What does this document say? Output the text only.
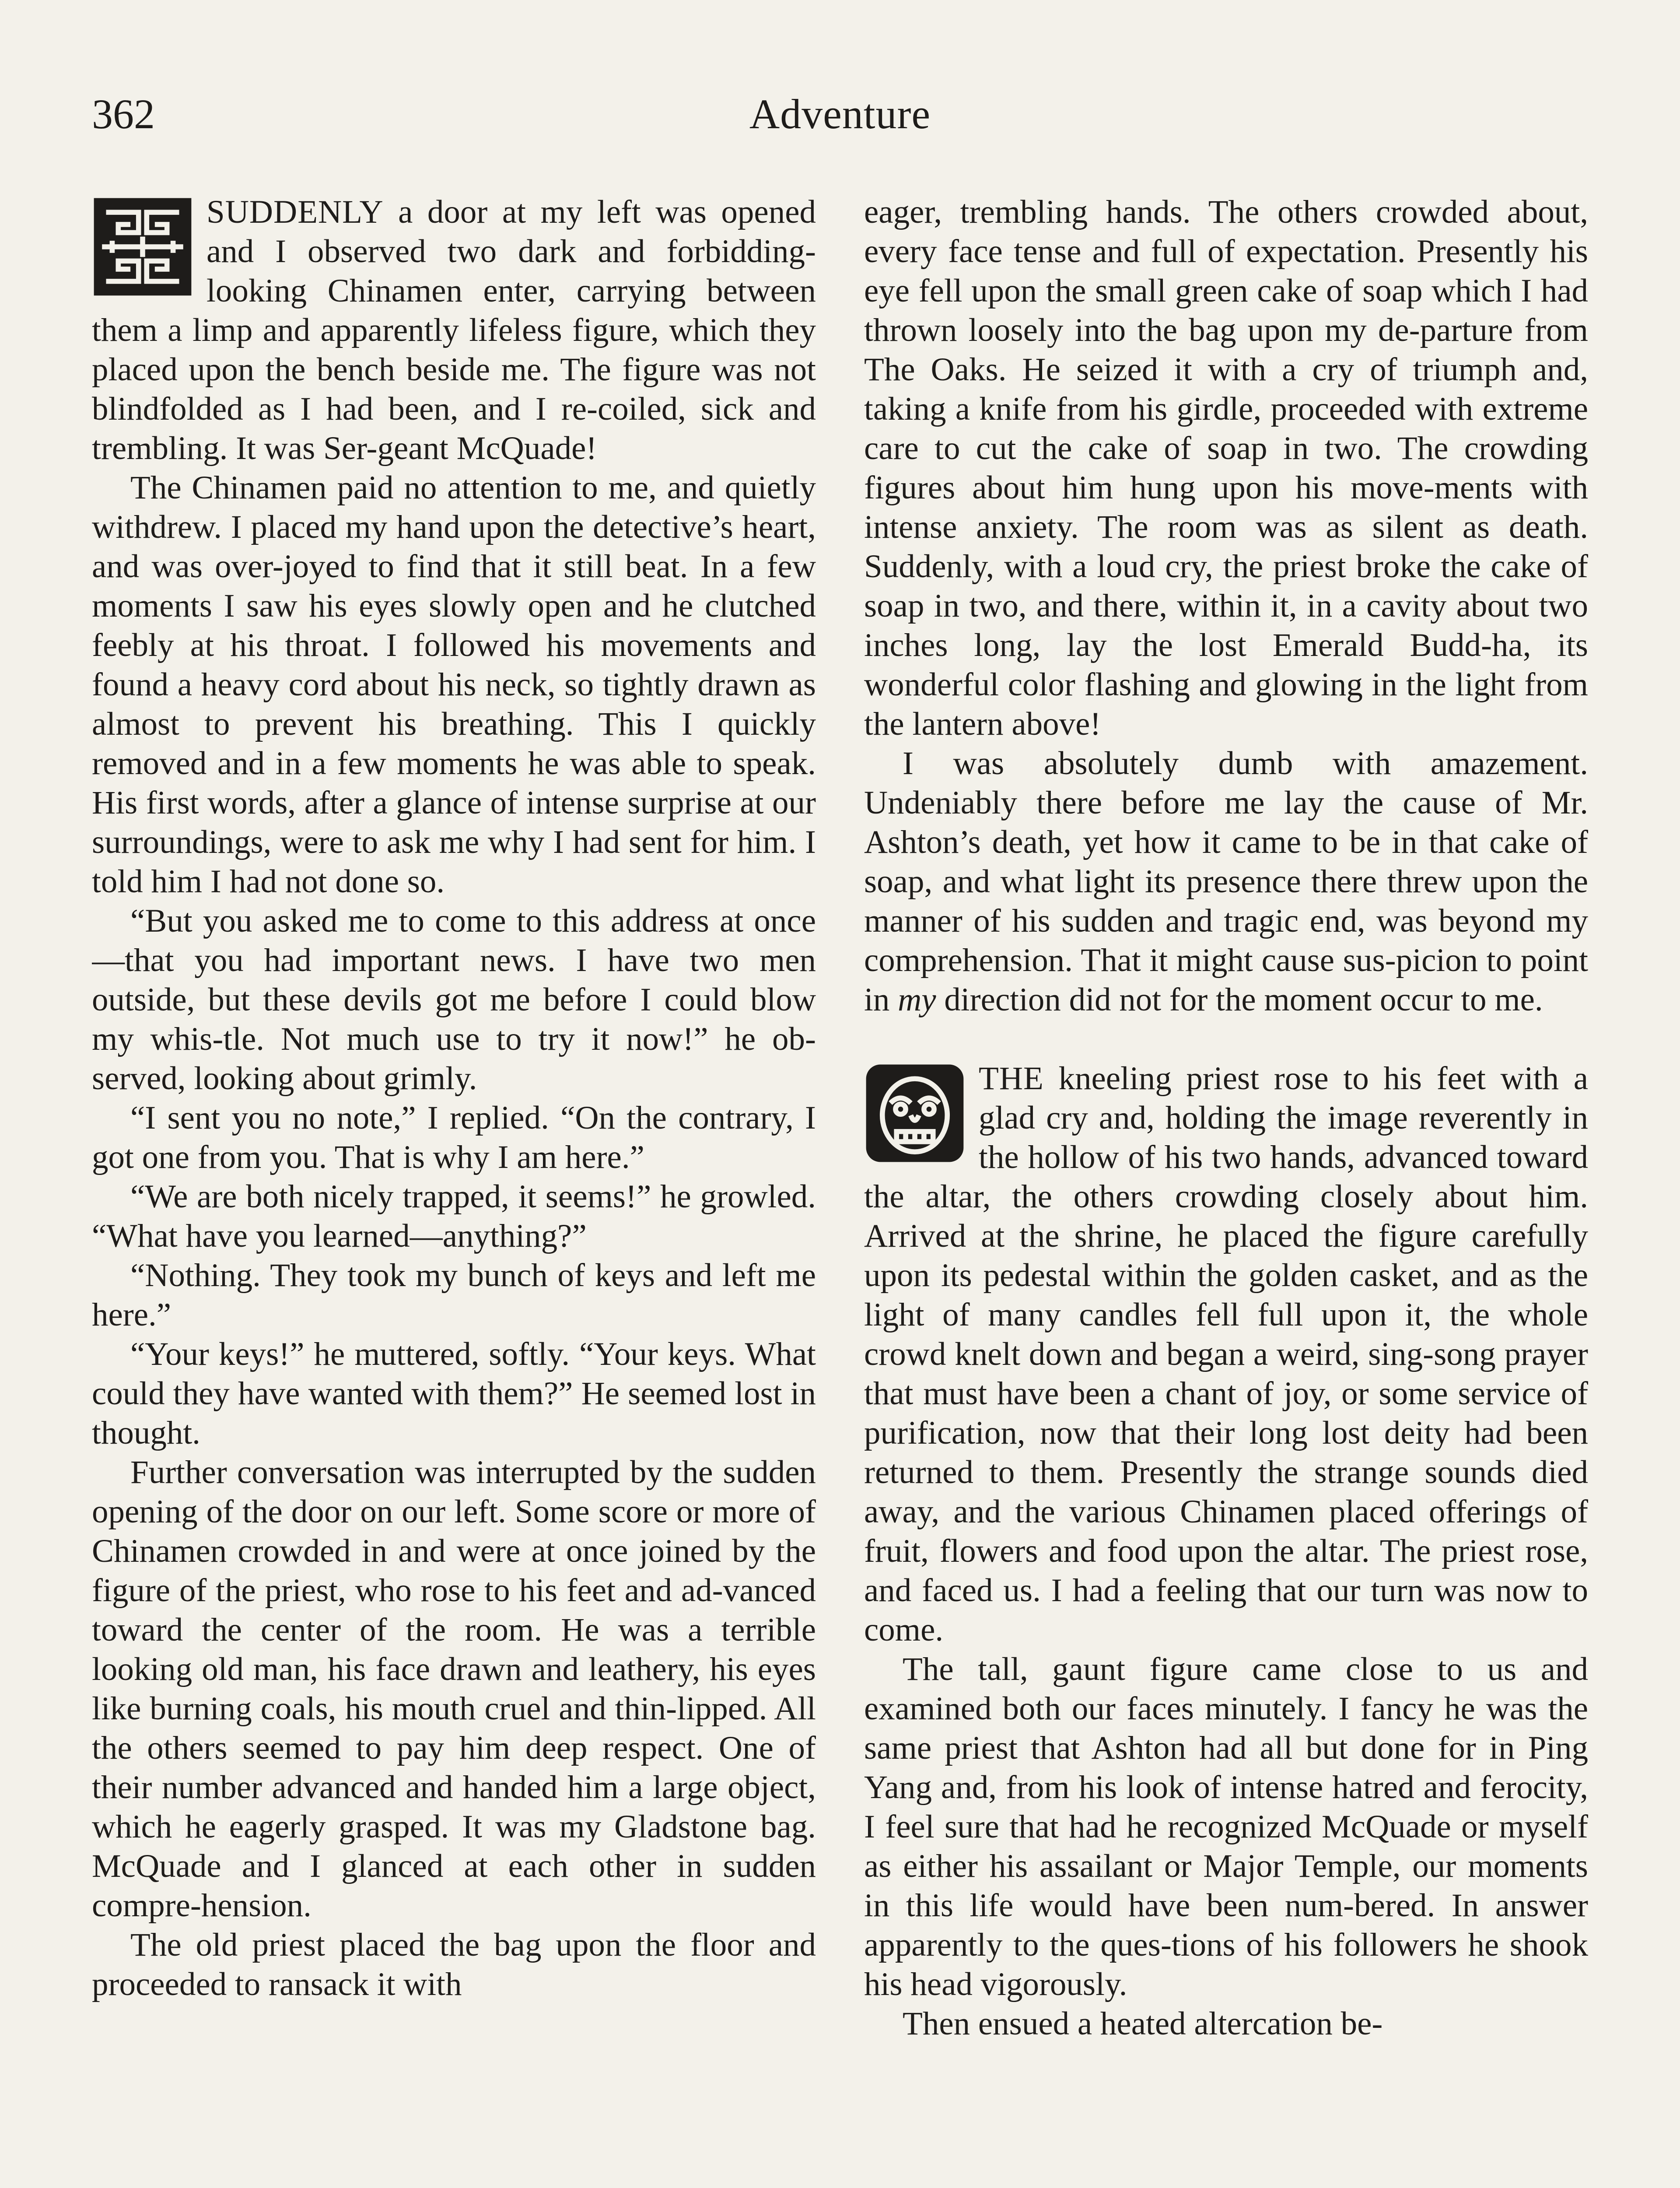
362	Adventure

SUDDENLY a door at my left was opened and I observed two dark and forbidding-looking Chinamen enter, carrying between them a limp and apparently lifeless figure, which they placed upon the bench beside me. The figure was not blindfolded as I had been, and I re-coiled, sick and trembling. It was Ser-geant McQuade!

The Chinamen paid no attention to me, and quietly withdrew. I placed my hand upon the detective’s heart, and was over-joyed to find that it still beat. In a few moments I saw his eyes slowly open and he clutched feebly at his throat. I followed his movements and found a heavy cord about his neck, so tightly drawn as almost to prevent his breathing. This I quickly removed and in a few moments he was able to speak. His first words, after a glance of intense surprise at our surroundings, were to ask me why I had sent for him. I told him I had not done so.

“But you asked me to come to this address at once—that you had important news. I have two men outside, but these devils got me before I could blow my whis-tle. Not much use to try it now!” he ob-served, looking about grimly.

“I sent you no note,” I replied. “On the contrary, I got one from you. That is why I am here.”

“We are both nicely trapped, it seems!” he growled. “What have you learned—anything?”

“Nothing. They took my bunch of keys and left me here.”

“Your keys!” he muttered, softly. “Your keys. What could they have wanted with them?” He seemed lost in thought.

Further conversation was interrupted by the sudden opening of the door on our left. Some score or more of Chinamen crowded in and were at once joined by the figure of the priest, who rose to his feet and ad-vanced toward the center of the room. He was a terrible looking old man, his face drawn and leathery, his eyes like burning coals, his mouth cruel and thin-lipped. All the others seemed to pay him deep respect. One of their number advanced and handed him a large object, which he eagerly grasped. It was my Gladstone bag. McQuade and I glanced at each other in sudden compre-hension.

The old priest placed the bag upon the floor and proceeded to ransack it with

eager, trembling hands. The others crowded about, every face tense and full of expectation. Presently his eye fell upon the small green cake of soap which I had thrown loosely into the bag upon my de-parture from The Oaks. He seized it with a cry of triumph and, taking a knife from his girdle, proceeded with extreme care to cut the cake of soap in two. The crowding figures about him hung upon his move-ments with intense anxiety. The room was as silent as death. Suddenly, with a loud cry, the priest broke the cake of soap in two, and there, within it, in a cavity about two inches long, lay the lost Emerald Budd-ha, its wonderful color flashing and glowing in the light from the lantern above!

I was absolutely dumb with amazement. Undeniably there before me lay the cause of Mr. Ashton’s death, yet how it came to be in that cake of soap, and what light its presence there threw upon the manner of his sudden and tragic end, was beyond my comprehension. That it might cause sus-picion to point in my direction did not for the moment occur to me.

THE kneeling priest rose to his feet with a glad cry and, holding the image reverently in the hollow of his two hands, advanced toward the altar, the others crowding closely about him. Arrived at the shrine, he placed the figure carefully upon its pedestal within the golden casket, and as the light of many candles fell full upon it, the whole crowd knelt down and began a weird, sing-song prayer that must have been a chant of joy, or some service of purification, now that their long lost deity had been returned to them. Presently the strange sounds died away, and the various Chinamen placed offerings of fruit, flowers and food upon the altar. The priest rose, and faced us. I had a feeling that our turn was now to come.

The tall, gaunt figure came close to us and examined both our faces minutely. I fancy he was the same priest that Ashton had all but done for in Ping Yang and, from his look of intense hatred and ferocity, I feel sure that had he recognized McQuade or myself as either his assailant or Major Temple, our moments in this life would have been num-bered. In answer apparently to the ques-tions of his followers he shook his head vigorously.

Then ensued a heated altercation be-
